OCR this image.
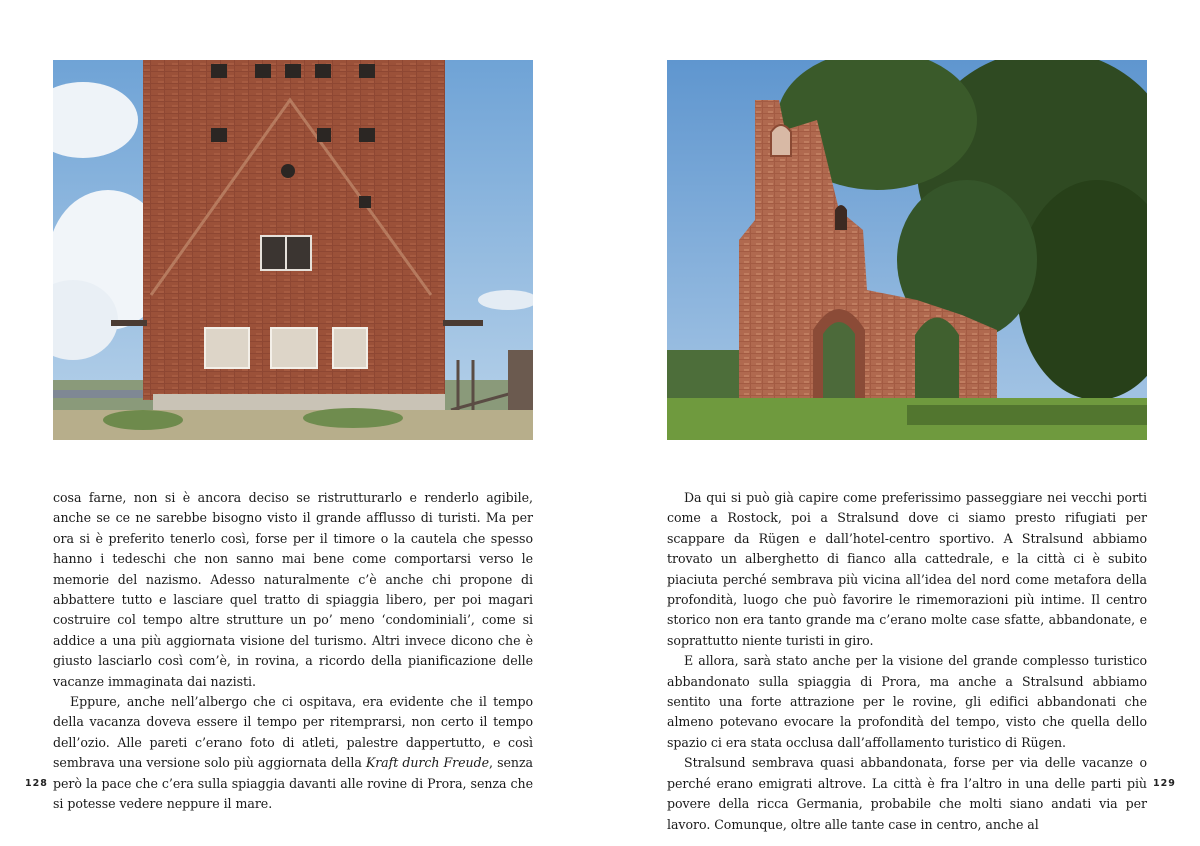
cosa farne, non si è ancora deciso se ristrutturarlo e renderlo agibile, anche se ce ne sarebbe bisogno visto il grande afflusso di turisti. Ma per ora si è preferito tenerlo così, forse per il timore o la cautela che spesso hanno i tedeschi che non sanno mai bene come comportarsi verso le memorie del nazismo. Adesso naturalmente c’è anche chi propone di abbattere tutto e lasciare quel tratto di spiaggia libero, per poi magari costruire col tempo altre strutture un po’ meno ‘condominiali’, come si addice a una più aggiornata visione del turismo. Altri invece dicono che è giusto lasciarlo così com’è, in rovina, a ricordo della pianificazione delle vacanze immaginata dai nazisti.

Eppure, anche nell’albergo che ci ospitava, era evidente che il tempo della vacanza doveva essere il tempo per ritemprarsi, non certo il tempo dell’ozio. Alle pareti c’erano foto di atleti, palestre dappertutto, e così sembrava una versione solo più aggiornata della Kraft durch Freude, senza però la pace che c’era sulla spiaggia davanti alle rovine di Prora, senza che si potesse vedere neppure il mare.

128

Da qui si può già capire come preferissimo passeggiare nei vecchi porti come a Rostock, poi a Stralsund dove ci siamo presto rifugiati per scappare da Rügen e dall’hotel-centro sportivo. A Stralsund abbiamo trovato un alberghetto di fianco alla cattedrale, e la città ci è subito piaciuta perché sembrava più vicina all’idea del nord come metafora della profondità, luogo che può favorire le rimemorazioni più intime. Il centro storico non era tanto grande ma c’erano molte case sfatte, abbandonate, e soprattutto niente turisti in giro.

E allora, sarà stato anche per la visione del grande complesso turistico abbandonato sulla spiaggia di Prora, ma anche a Stralsund abbiamo sentito una forte attrazione per le rovine, gli edifici abbandonati che almeno potevano evocare la profondità del tempo, visto che quella dello spazio ci era stata occlusa dall’affollamento turistico di Rügen.

Stralsund sembrava quasi abbandonata, forse per via delle vacanze o perché erano emigrati altrove. La città è fra l’altro in una delle parti più povere della ricca Germania, probabile che molti siano andati via per lavoro. Comunque, oltre alle tante case in centro, anche al

129
